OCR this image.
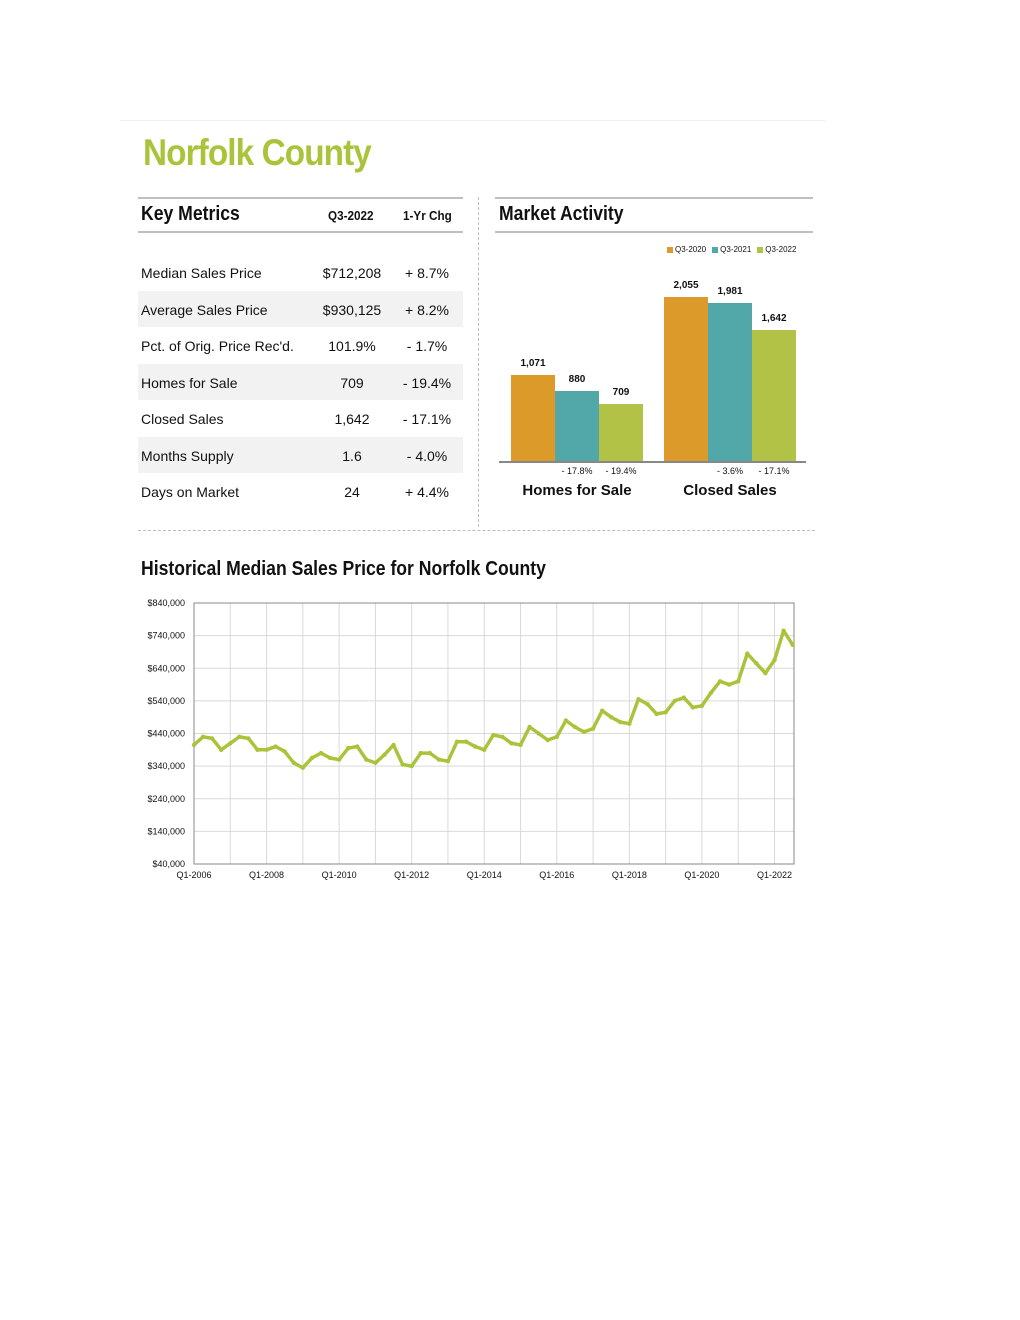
Norfolk County
Key Metrics	Q3-2022 1-Yr Chg
Median Sales Price	$712,208	+ 8.7%
Average Sales Price	$930,125	+ 8.2%
Pct. of Orig. Price Rec'd.	101.9%	- 1.7%
Homes for Sale	709	- 19.4%
Closed Sales	1,642	- 17.1%
Months Supply	1.6	- 4.0%
Days on Market	24	+ 4.4%
Market Activity
Q3-2020 Q3-2021 Q3-2022
1,071
880
709
- 17.8%	- 19.4%
Homes for Sale
2,055
1,981
1,642
- 3.6%	- 17.1%
Closed Sales
Historical Median Sales Price for Norfolk County
$840,000
$740,000
$640,000
$540,000
$440,000
$340,000
$240,000
$140,000
$40,000
Q1-2006	Q1-2008	Q1-2010	Q1-2012	Q1-2014	Q1-2016	Q1-2018	Q1-2020	Q1-2022
